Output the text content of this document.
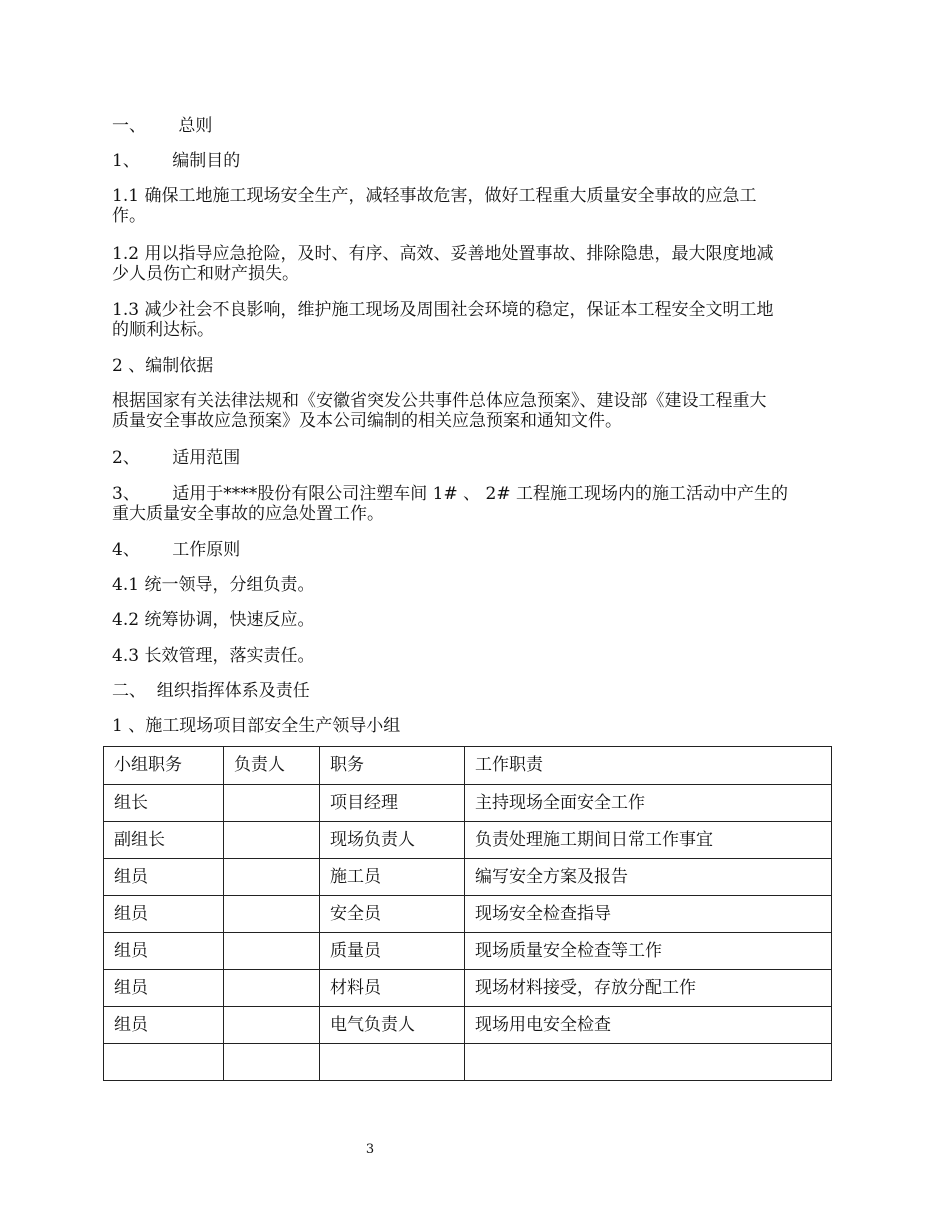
一、      总则
1、      编制目的
1.1 确保工地施工现场安全生产，减轻事故危害，做好工程重大质量安全事故的应急工
作。
1.2 用以指导应急抢险，及时、有序、高效、妥善地处置事故、排除隐患，最大限度地减
少人员伤亡和财产损失。
1.3 减少社会不良影响，维护施工现场及周围社会环境的稳定，保证本工程安全文明工地
的顺利达标。
2 、编制依据
根据国家有关法律法规和《安徽省突发公共事件总体应急预案》、建设部《建设工程重大
质量安全事故应急预案》及本公司编制的相关应急预案和通知文件。
2、      适用范围
3、      适用于****股份有限公司注塑车间 1# 、 2# 工程施工现场内的施工活动中产生的
重大质量安全事故的应急处置工作。
4、      工作原则
4.1 统一领导，分组负责。
4.2 统筹协调，快速反应。
4.3 长效管理，落实责任。
二、  组织指挥体系及责任
1 、施工现场项目部安全生产领导小组
小组职务	负责人	职务	工作职责
组长		项目经理	主持现场全面安全工作
副组长		现场负责人	负责处理施工期间日常工作事宜
组员		施工员	编写安全方案及报告
组员		安全员	现场安全检查指导
组员		质量员	现场质量安全检查等工作
组员		材料员	现场材料接受，存放分配工作
组员		电气负责人	现场用电安全检查

3
